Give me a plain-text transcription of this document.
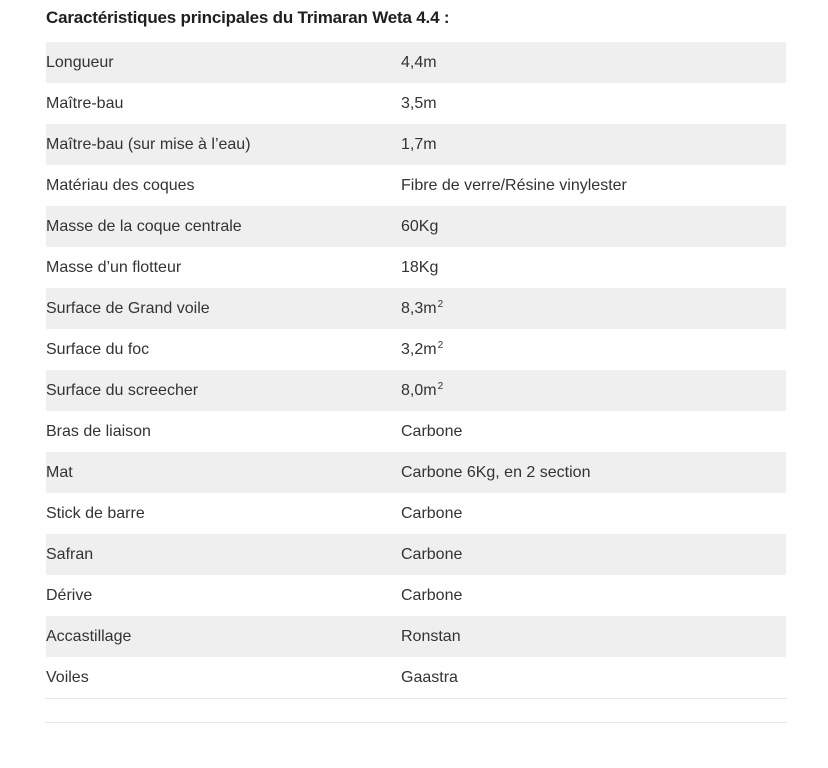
Caractéristiques principales du Trimaran Weta 4.4 :
Longueur	4,4m
Maître-bau	3,5m
Maître-bau (sur mise à l’eau)	1,7m
Matériau des coques	Fibre de verre/Résine vinylester
Masse de la coque centrale	60Kg
Masse d’un flotteur	18Kg
Surface de Grand voile	$8,3m^2$
Surface du foc	$3,2m^2$
Surface du screecher	$8,0m^2$
Bras de liaison	Carbone
Mat	Carbone 6Kg, en 2 section
Stick de barre	Carbone
Safran	Carbone
Dérive	Carbone
Accastillage	Ronstan
Voiles	Gaastra
